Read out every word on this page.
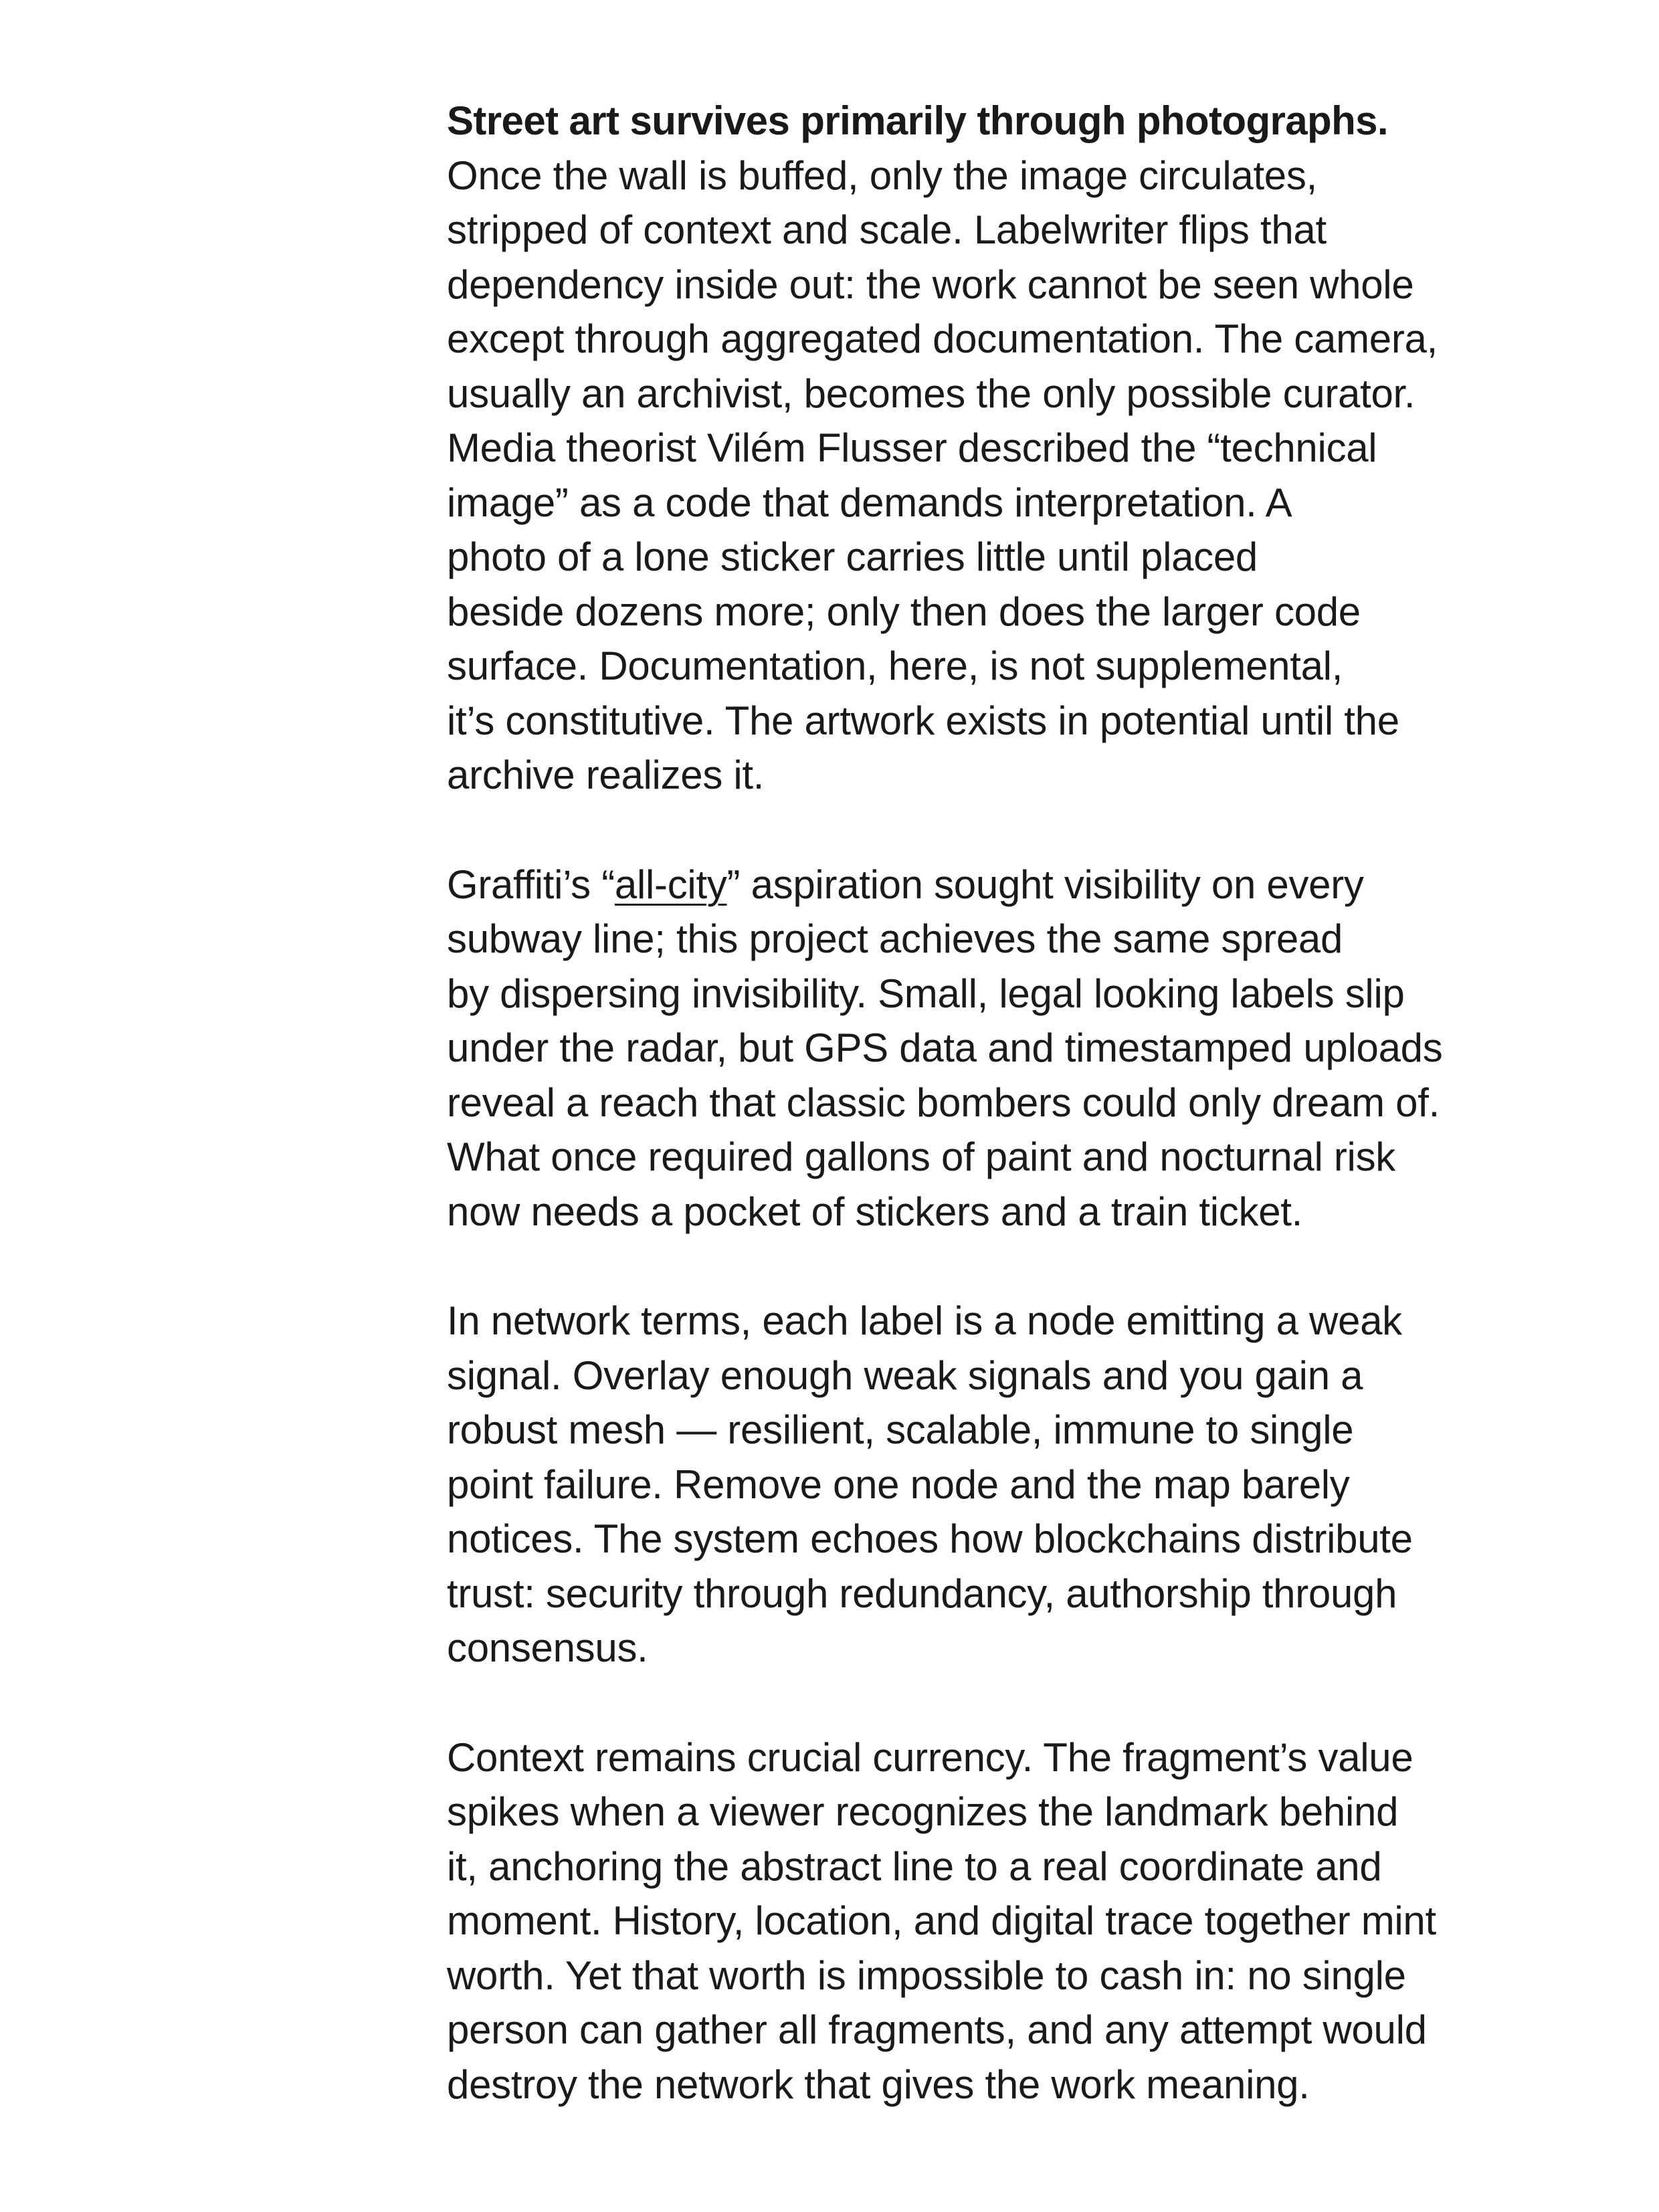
Street art survives primarily through photographs.
Once the wall is buffed, only the image circulates,
stripped of context and scale. Labelwriter flips that
dependency inside out: the work cannot be seen whole
except through aggregated documentation. The camera,
usually an archivist, becomes the only possible curator.
Media theorist Vilém Flusser described the “technical
image” as a code that demands interpretation. A
photo of a lone sticker carries little until placed
beside dozens more; only then does the larger code
surface. Documentation, here, is not supplemental,
it’s constitutive. The artwork exists in potential until the
archive realizes it.

Graffiti’s “all-city” aspiration sought visibility on every
subway line; this project achieves the same spread
by dispersing invisibility. Small, legal looking labels slip
under the radar, but GPS data and timestamped uploads
reveal a reach that classic bombers could only dream of.
What once required gallons of paint and nocturnal risk
now needs a pocket of stickers and a train ticket.

In network terms, each label is a node emitting a weak
signal. Overlay enough weak signals and you gain a
robust mesh — resilient, scalable, immune to single
point failure. Remove one node and the map barely
notices. The system echoes how blockchains distribute
trust: security through redundancy, authorship through
consensus.

Context remains crucial currency. The fragment’s value
spikes when a viewer recognizes the landmark behind
it, anchoring the abstract line to a real coordinate and
moment. History, location, and digital trace together mint
worth. Yet that worth is impossible to cash in: no single
person can gather all fragments, and any attempt would
destroy the network that gives the work meaning.
